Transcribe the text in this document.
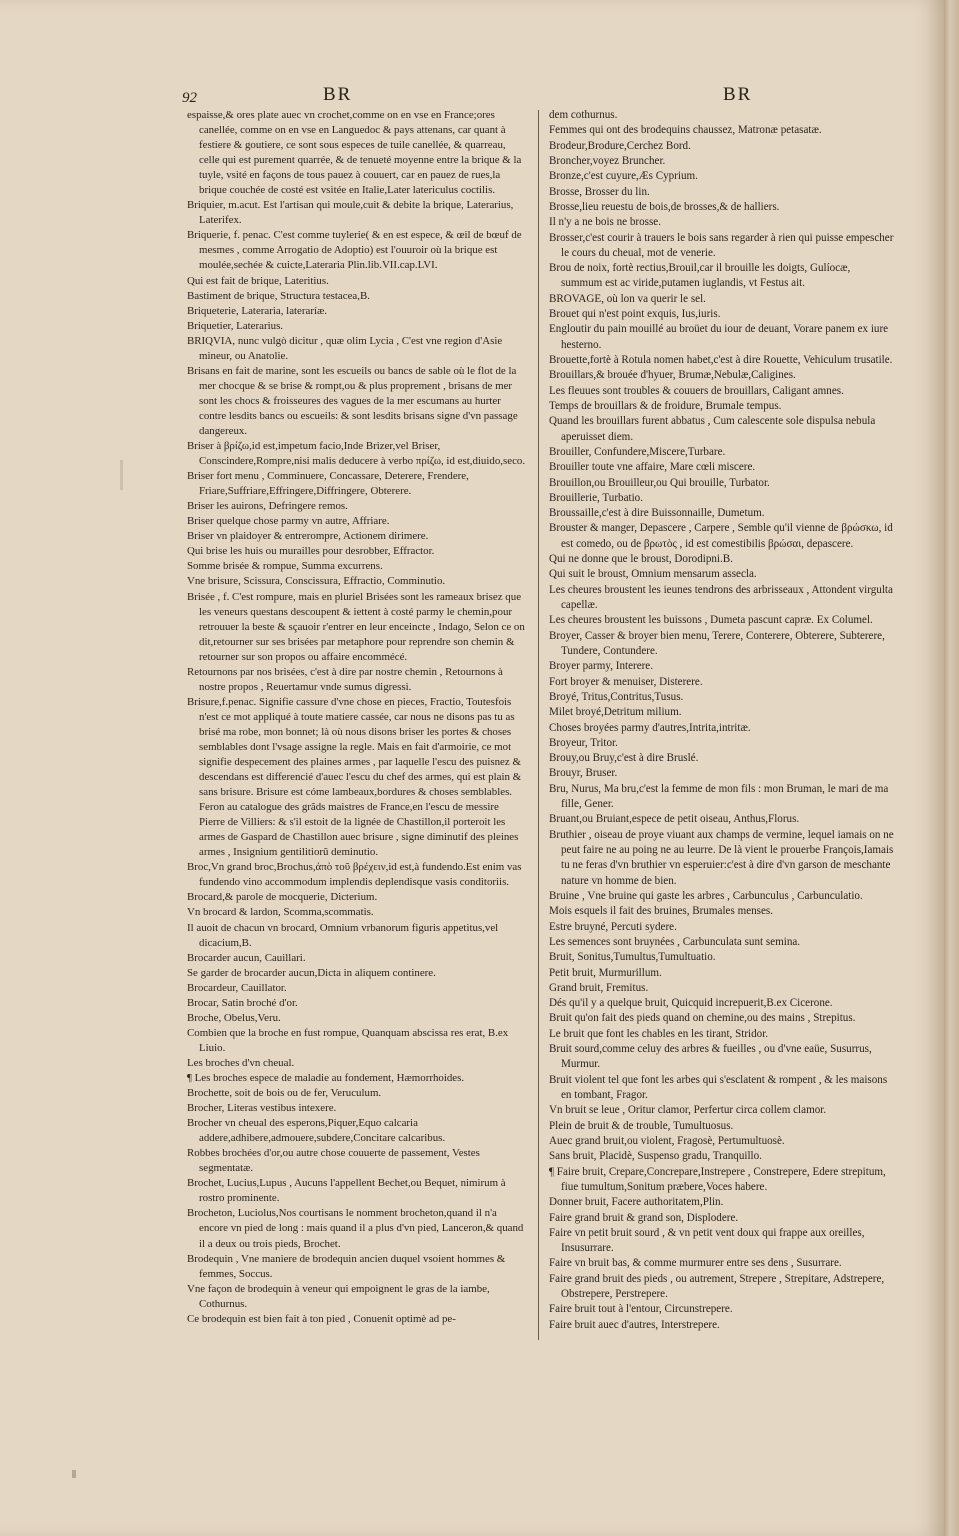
92	BR	BR

espaisse,& ores plate auec vn crochet,comme on en vse en France;ores canellée, comme on en vse en Languedoc & pays attenans, car quant à festiere & goutiere, ce sont sous especes de tuile canellée, & quarreau, celle qui est purement quarrée, & de tenueté moyenne entre la brique & la tuyle, vsité en façons de tous pauez à couuert, car en pauez de rues,la brique couchée de costé est vsitée en Italie,Later latericulus coctilis.

Briquier, m.acut. Est l'artisan qui moule,cuit & debite la brique, Laterarius, Laterifex.

Briquerie, f. penac. C'est comme tuylerie( & en est espece, & œil de bœuf de mesmes , comme Arrogatio de Adoptio) est l'ouuroir où la brique est moulée,sechée & cuicte,Lateraria Plin.lib.VII.cap.LVI.

Qui est fait de brique, Lateritius.

Bastiment de brique, Structura testacea,B.

Briqueterie, Lateraria, lateraríæ.

Briquetier, Laterarius.

BRIQVIA, nunc vulgò dicitur , quæ olim Lycia , C'est vne region d'Asie mineur, ou Anatolie.

Brisans en fait de marine, sont les escueils ou bancs de sable où le flot de la mer chocque & se brise & rompt,ou & plus proprement , brisans de mer sont les chocs & froisseures des vagues de la mer escumans au hurter contre lesdits bancs ou escueils: & sont lesdits brisans signe d'vn passage dangereux.

Briser à βρίζω,id est,impetum facio,Inde Brizer,vel Briser, Conscindere,Rompre,nisi malis deducere à verbo πρίζω, id est,diuido,seco.

Briser fort menu , Comminuere, Concassare, Deterere, Frendere, Friare,Suffriare,Effringere,Diffringere, Obterere.

Briser les auirons, Defringere remos.

Briser quelque chose parmy vn autre, Affriare.

Briser vn plaidoyer & entrerompre, Actionem dirimere.

Qui brise les huis ou murailles pour desrobber, Effractor.

Somme brisée & rompue, Summa excurrens.

Vne brisure, Scissura, Conscissura, Effractio, Comminutio.

Brisée , f. C'est rompure, mais en pluriel Brisées sont les rameaux brisez que les veneurs questans descoupent & iettent à costé parmy le chemin,pour retrouuer la beste & sçauoir r'entrer en leur enceincte , Indago, Selon ce on dit,retourner sur ses brisées par metaphore pour reprendre son chemin & retourner sur son propos ou affaire encommécé.

Retournons par nos brisées, c'est à dire par nostre chemin , Retournons à nostre propos , Reuertamur vnde sumus digressi.

Brisure,f.penac. Signifie cassure d'vne chose en pieces, Fractio, Toutesfois n'est ce mot appliqué à toute matiere cassée, car nous ne disons pas tu as brisé ma robe, mon bonnet; là où nous disons briser les portes & choses semblables dont l'vsage assigne la regle. Mais en fait d'armoirie, ce mot signifie despecement des plaines armes , par laquelle l'escu des puisnez & descendans est differencié d'auec l'escu du chef des armes, qui est plain & sans brisure. Brisure est cóme lambeaux,bordures & choses semblables. Feron au catalogue des grãds maistres de France,en l'escu de messire Pierre de Villiers: & s'il estoit de la lignée de Chastillon,il porteroit les armes de Gaspard de Chastillon auec brisure , signe diminutif des pleines armes , Insignium gentilitiorũ deminutio.

Broc,Vn grand broc,Brochus,ἀπὸ τοῦ βρέχειν,id est,à fundendo.Est enim vas fundendo vino accommodum implendis deplendisque vasis conditoriis.

Brocard,& parole de mocquerie, Dicterium.

Vn brocard & lardon, Scomma,scommatis.

Il auoit de chacun vn brocard, Omnium vrbanorum figuris appetitus,vel dicacium,B.

Brocarder aucun, Cauillari.

Se garder de brocarder aucun,Dicta in aliquem continere.

Brocardeur, Cauillator.

Brocar, Satin broché d'or.

Broche, Obelus,Veru.

Combien que la broche en fust rompue, Quanquam abscissa res erat, B.ex Liuio.

Les broches d'vn cheual.

¶ Les broches espece de maladie au fondement, Hæmorrhoides.

Brochette, soit de bois ou de fer, Veruculum.

Brocher, Literas vestibus intexere.

Brocher vn cheual des esperons,Piquer,Equo calcaria addere,adhibere,admouere,subdere,Concitare calcaribus.

Robbes brochées d'or,ou autre chose couuerte de passement, Vestes segmentatæ.

Brochet, Lucius,Lupus , Aucuns l'appellent Bechet,ou Bequet, nimirum à rostro prominente.

Brocheton, Luciolus,Nos courtisans le nomment brocheton,quand il n'a encore vn pied de long : mais quand il a plus d'vn pied, Lanceron,& quand il a deux ou trois pieds, Brochet.

Brodequin , Vne maniere de brodequin ancien duquel vsoient hommes & femmes, Soccus.

Vne façon de brodequin à veneur qui empoignent le gras de la iambe, Cothurnus.

Ce brodequin est bien fait à ton pied , Conuenit optimè ad pe-

dem cothurnus.

Femmes qui ont des brodequins chaussez, Matronæ petasatæ.

Brodeur,Brodure,Cerchez Bord.

Broncher,voyez Bruncher.

Bronze,c'est cuyure,Æs Cyprium.

Brosse, Brosser du lin.

Brosse,lieu reuestu de bois,de brosses,& de halliers.

Il n'y a ne bois ne brosse.

Brosser,c'est courir à trauers le bois sans regarder à rien qui puisse empescher le cours du cheual, mot de venerie.

Brou de noix, fortè rectius,Brouil,car il brouille les doigts, Gulíocæ, summum est ac viride,putamen iuglandis, vt Festus ait.

BROVAGE, où lon va querir le sel.

Brouet qui n'est point exquis, Ius,iuris.

Engloutir du pain mouillé au broüet du iour de deuant, Vorare panem ex iure hesterno.

Brouette,fortè à Rotula nomen habet,c'est à dire Rouette, Vehiculum trusatile.

Brouillars,& brouée d'hyuer, Brumæ,Nebulæ,Caligines.

Les fleuues sont troubles & couuers de brouillars, Caligant amnes.

Temps de brouillars & de froidure, Brumale tempus.

Quand les brouillars furent abbatus , Cum calescente sole dispulsa nebula aperuisset diem.

Brouiller, Confundere,Miscere,Turbare.

Brouiller toute vne affaire, Mare cœli miscere.

Brouillon,ou Brouilleur,ou Qui brouille, Turbator.

Brouillerie, Turbatio.

Broussaille,c'est à dire Buissonnaille, Dumetum.

Brouster & manger, Depascere , Carpere , Semble qu'il vienne de βρώσκω, id est comedo, ou de βρωτὸς , id est comestibilis βρώσαι, depascere.

Qui ne donne que le broust, Dorodipni.B.

Qui suit le broust, Omnium mensarum assecla.

Les cheures broustent les ieunes tendrons des arbrisseaux , Attondent virgulta capellæ.

Les cheures broustent les buissons , Dumeta pascunt capræ. Ex Columel.

Broyer, Casser & broyer bien menu, Terere, Conterere, Obterere, Subterere, Tundere, Contundere.

Broyer parmy, Interere.

Fort broyer & menuiser, Disterere.

Broyé, Tritus,Contritus,Tusus.

Milet broyé,Detritum milium.

Choses broyées parmy d'autres,Intrita,intritæ.

Broyeur, Tritor.

Brouy,ou Bruy,c'est à dire Bruslé.

Brouyr, Bruser.

Bru, Nurus, Ma bru,c'est la femme de mon fils : mon Bruman, le mari de ma fille, Gener.

Bruant,ou Bruiant,espece de petit oiseau, Anthus,Florus.

Bruthier , oiseau de proye viuant aux champs de vermine, lequel iamais on ne peut faire ne au poing ne au leurre. De là vient le prouerbe François,Iamais tu ne feras d'vn bruthier vn esperuier:c'est à dire d'vn garson de meschante nature vn homme de bien.

Bruine , Vne bruine qui gaste les arbres , Carbunculus , Carbunculatio.

Mois esquels il fait des bruines, Brumales menses.

Estre bruyné, Percuti sydere.

Les semences sont bruynées , Carbunculata sunt semina.

Bruit, Sonitus,Tumultus,Tumultuatio.

Petit bruit, Murmurillum.

Grand bruit, Fremitus.

Dés qu'il y a quelque bruit, Quicquid increpuerit,B.ex Cicerone.

Bruit qu'on fait des pieds quand on chemine,ou des mains , Strepitus.

Le bruit que font les chables en les tirant, Stridor.

Bruit sourd,comme celuy des arbres & fueilles , ou d'vne eaüe, Susurrus, Murmur.

Bruit violent tel que font les arbes qui s'esclatent & rompent , & les maisons en tombant, Fragor.

Vn bruit se leue , Oritur clamor, Perfertur circa collem clamor.

Plein de bruit & de trouble, Tumultuosus.

Auec grand bruit,ou violent, Fragosè, Pertumultuosè.

Sans bruit, Placidè, Suspenso gradu, Tranquillo.

¶ Faire bruit, Crepare,Concrepare,Instrepere , Constrepere, Edere strepitum, fiue tumultum,Sonitum præbere,Voces habere.

Donner bruit, Facere authoritatem,Plin.

Faire grand bruit & grand son, Displodere.

Faire vn petit bruit sourd , & vn petit vent doux qui frappe aux oreilles, Insusurrare.

Faire vn bruit bas, & comme murmurer entre ses dens , Susurrare.

Faire grand bruit des pieds , ou autrement, Strepere , Strepitare, Adstrepere, Obstrepere, Perstrepere.

Faire bruit tout à l'entour, Circunstrepere.

Faire bruit auec d'autres, Interstrepere.
